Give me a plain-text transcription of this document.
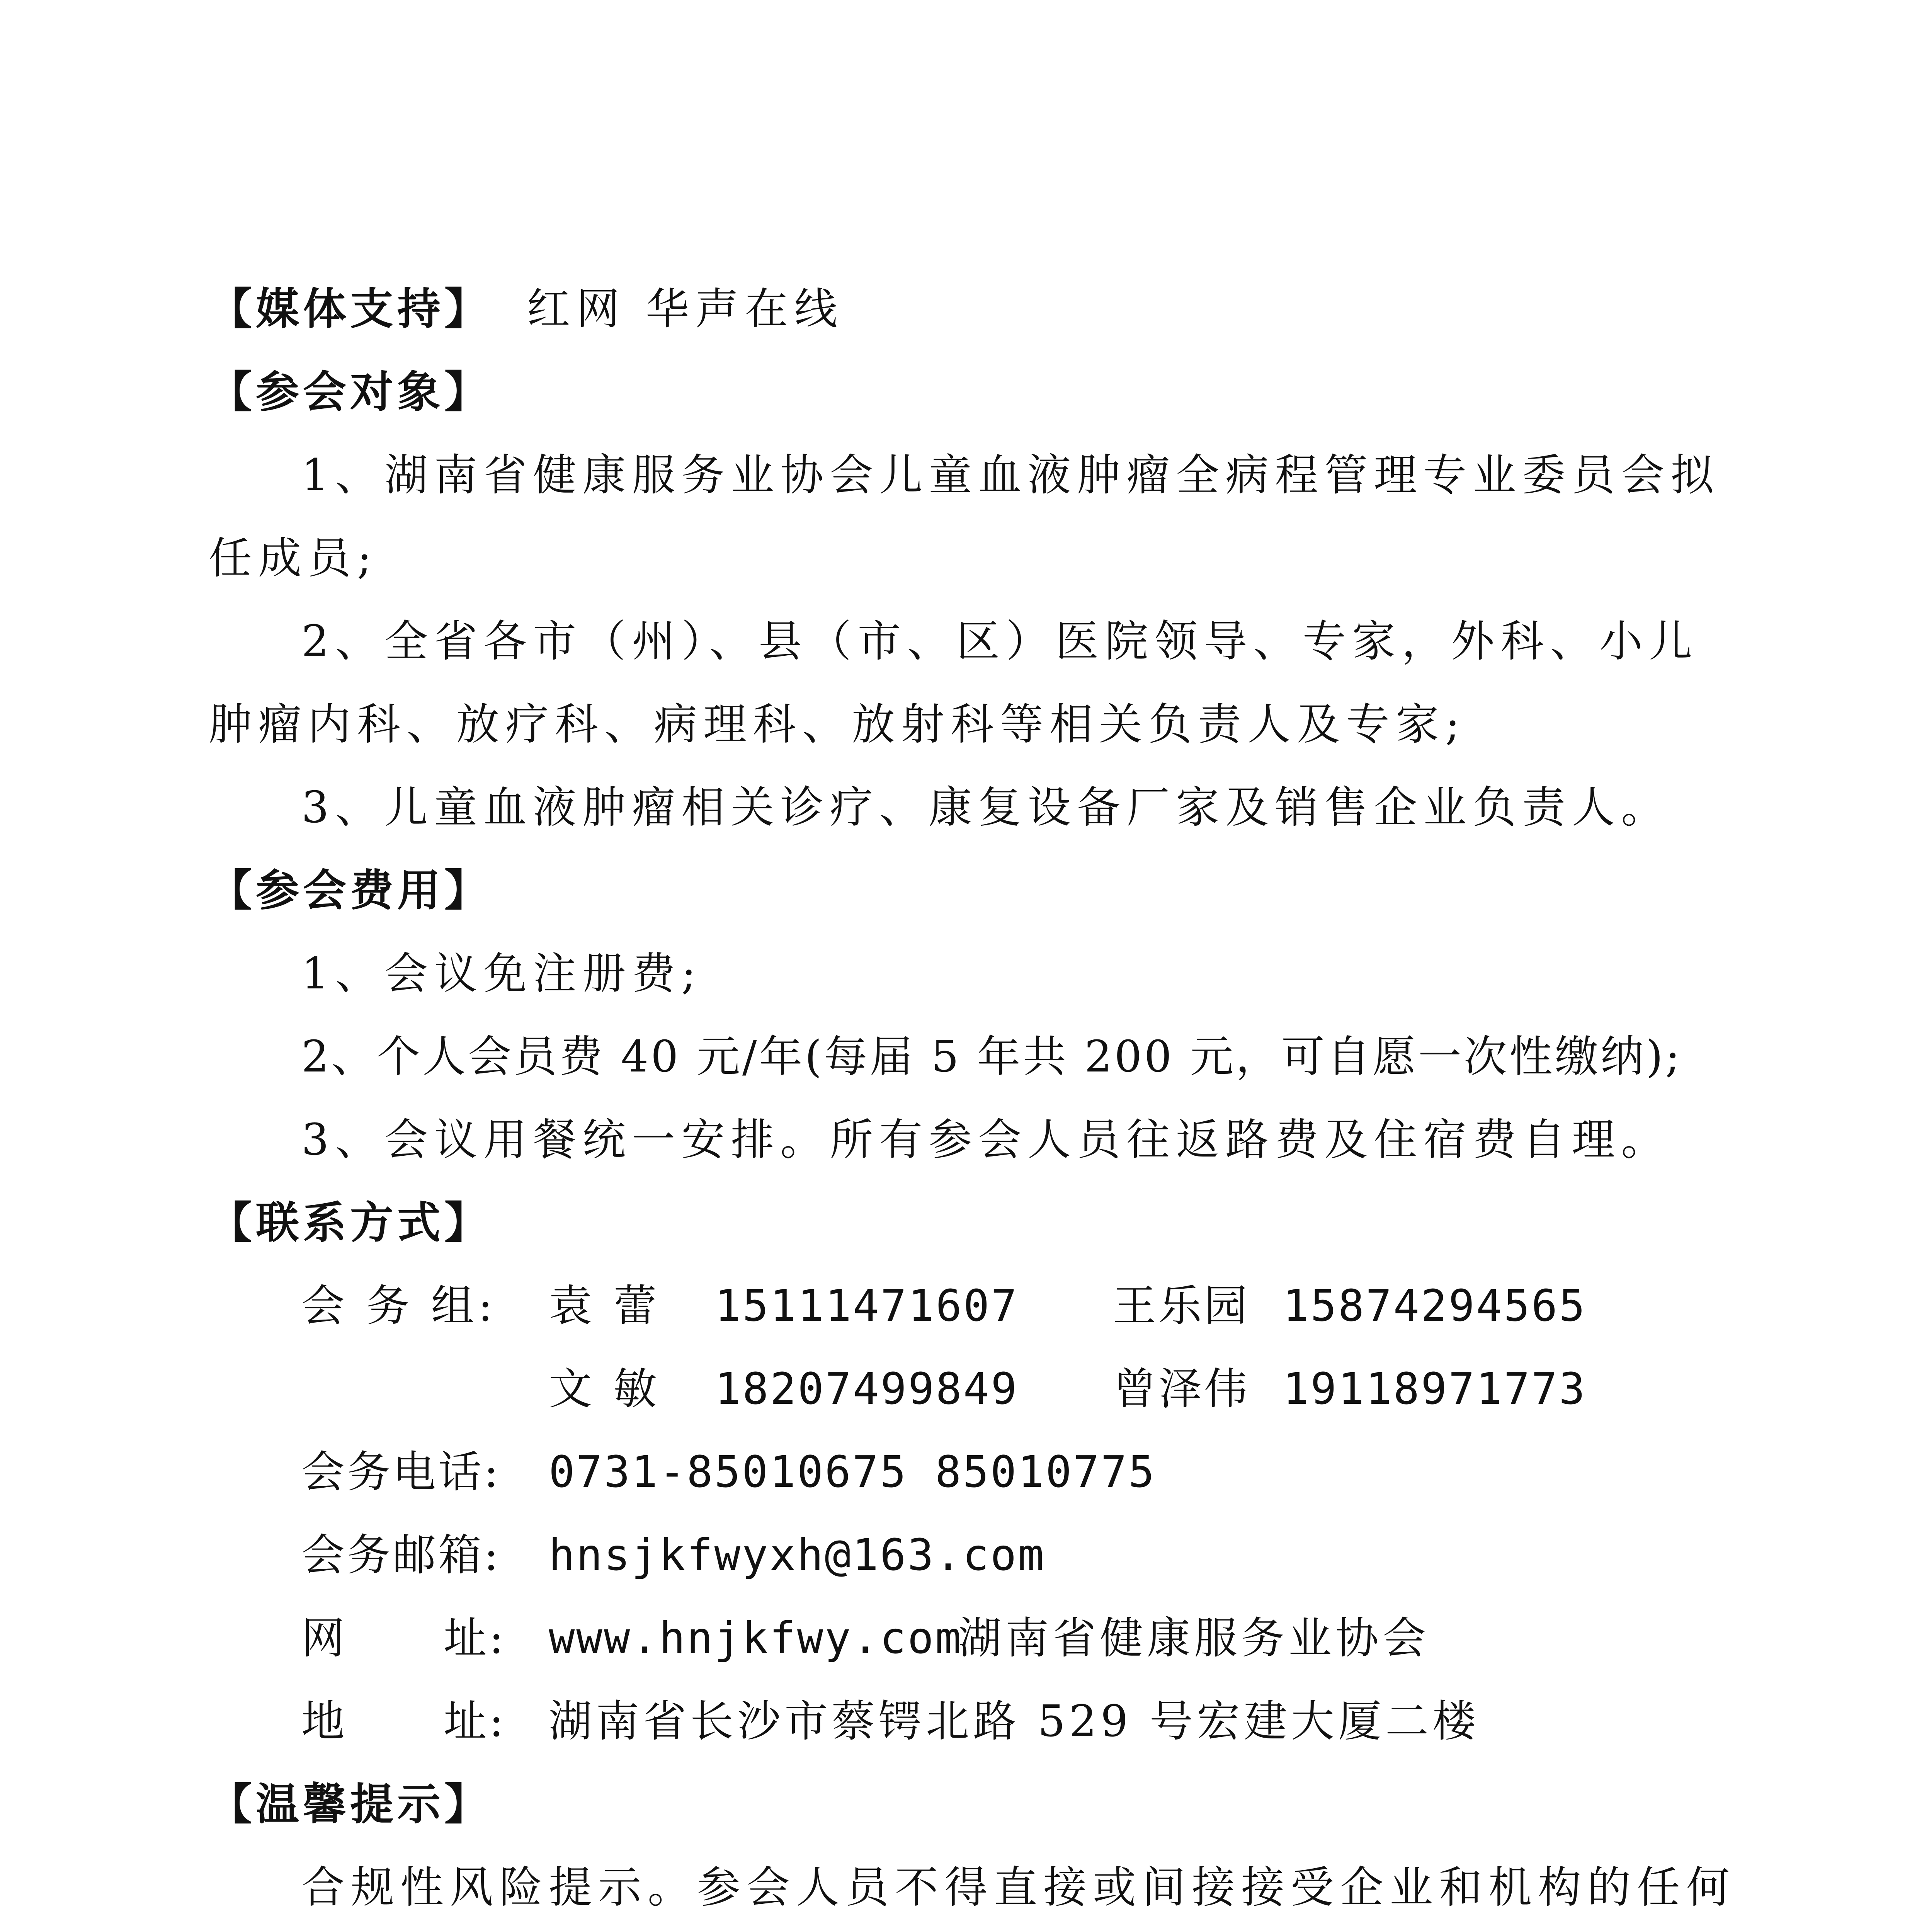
【媒体支持】 红网 华声在线
【参会对象】
1、湖南省健康服务业协会儿童血液肿瘤全病程管理专业委员会拟
任成员;
2、全省各市（州）、县（市、区）医院领导、专家，外科、小儿
肿瘤内科、放疗科、病理科、放射科等相关负责人及专家;
3、儿童血液肿瘤相关诊疗、康复设备厂家及销售企业负责人。
【参会费用】
1、会议免注册费;
2、个人会员费 40 元/年(每届 5 年共 200 元，可自愿一次性缴纳);
3、会议用餐统一安排。所有参会人员往返路费及住宿费自理。
【联系方式】
会 务 组: 袁 蕾 15111471607 王乐园 15874294565
文 敏 18207499849 曾泽伟 19118971773
会务电话: 0731-85010675 85010775
会务邮箱: hnsjkfwyxh@163.com
网      址: www.hnjkfwy.com
湖南省健康服务业协会
地      址: 湖南省长沙市蔡锷北路 529 号宏建大厦二楼
【温馨提示】
合规性风险提示。参会人员不得直接或间接接受企业和机构的任何
